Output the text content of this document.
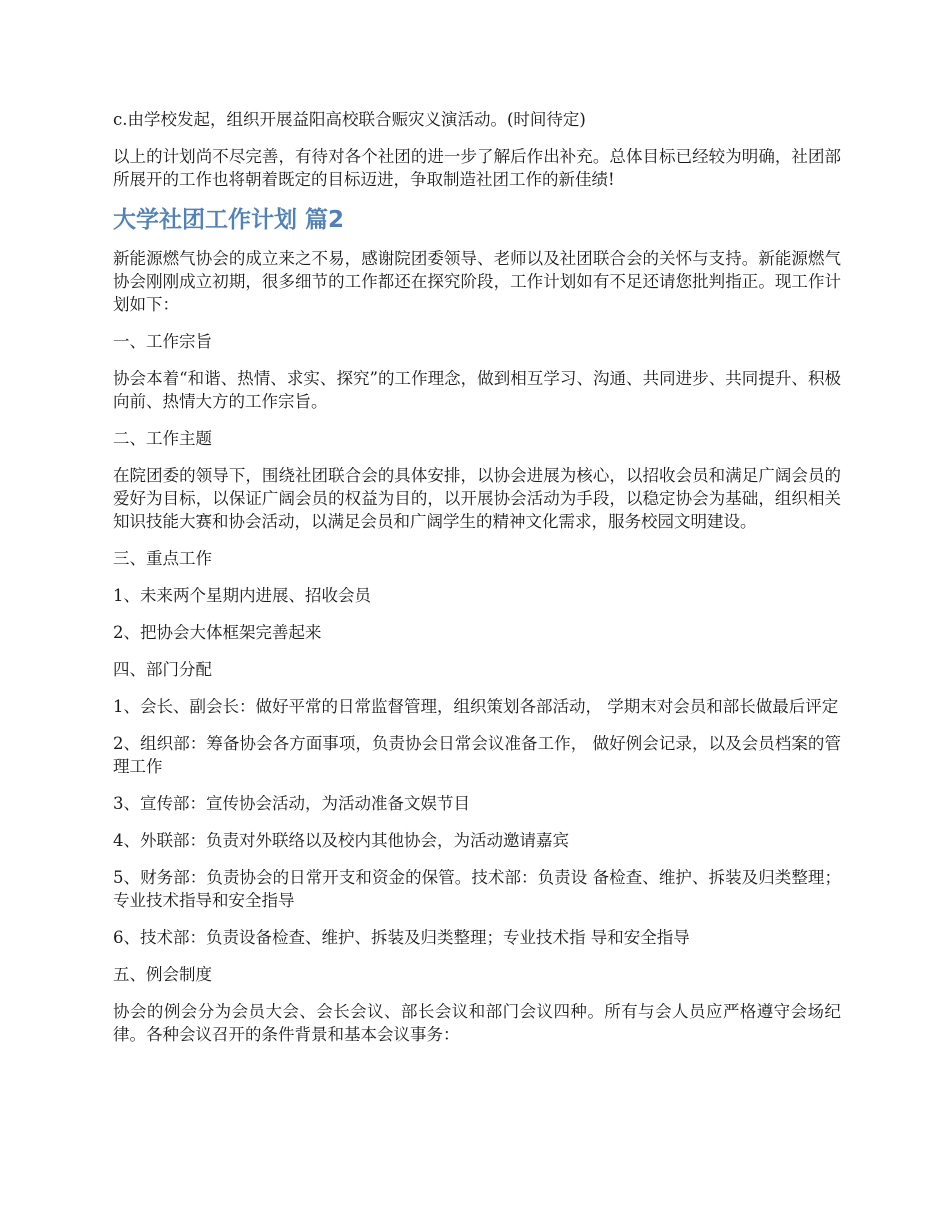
c.由学校发起，组织开展益阳高校联合赈灾义演活动。(时间待定)

以上的计划尚不尽完善，有待对各个社团的进一步了解后作出补充。总体目标已经较为明确，社团部所展开的工作也将朝着既定的目标迈进，争取制造社团工作的新佳绩!

大学社团工作计划 篇2

新能源燃气协会的成立来之不易，感谢院团委领导、老师以及社团联合会的关怀与支持。新能源燃气协会刚刚成立初期，很多细节的工作都还在探究阶段，工作计划如有不足还请您批判指正。现工作计划如下：

一、工作宗旨

协会本着“和谐、热情、求实、探究”的工作理念，做到相互学习、沟通、共同进步、共同提升、积极向前、热情大方的工作宗旨。

二、工作主题

在院团委的领导下，围绕社团联合会的具体安排，以协会进展为核心，以招收会员和满足广阔会员的爱好为目标，以保证广阔会员的权益为目的，以开展协会活动为手段，以稳定协会为基础，组织相关知识技能大赛和协会活动，以满足会员和广阔学生的精神文化需求，服务校园文明建设。

三、重点工作

1、未来两个星期内进展、招收会员

2、把协会大体框架完善起来

四、部门分配

1、会长、副会长：做好平常的日常监督管理，组织策划各部活动， 学期末对会员和部长做最后评定

2、组织部：筹备协会各方面事项，负责协会日常会议准备工作， 做好例会记录，以及会员档案的管理工作

3、宣传部：宣传协会活动，为活动准备文娱节目

4、外联部：负责对外联络以及校内其他协会，为活动邀请嘉宾

5、财务部：负责协会的日常开支和资金的保管。技术部：负责设 备检查、维护、拆装及归类整理；专业技术指导和安全指导

6、技术部：负责设备检查、维护、拆装及归类整理；专业技术指 导和安全指导

五、例会制度

协会的例会分为会员大会、会长会议、部长会议和部门会议四种。所有与会人员应严格遵守会场纪律。各种会议召开的条件背景和基本会议事务：
